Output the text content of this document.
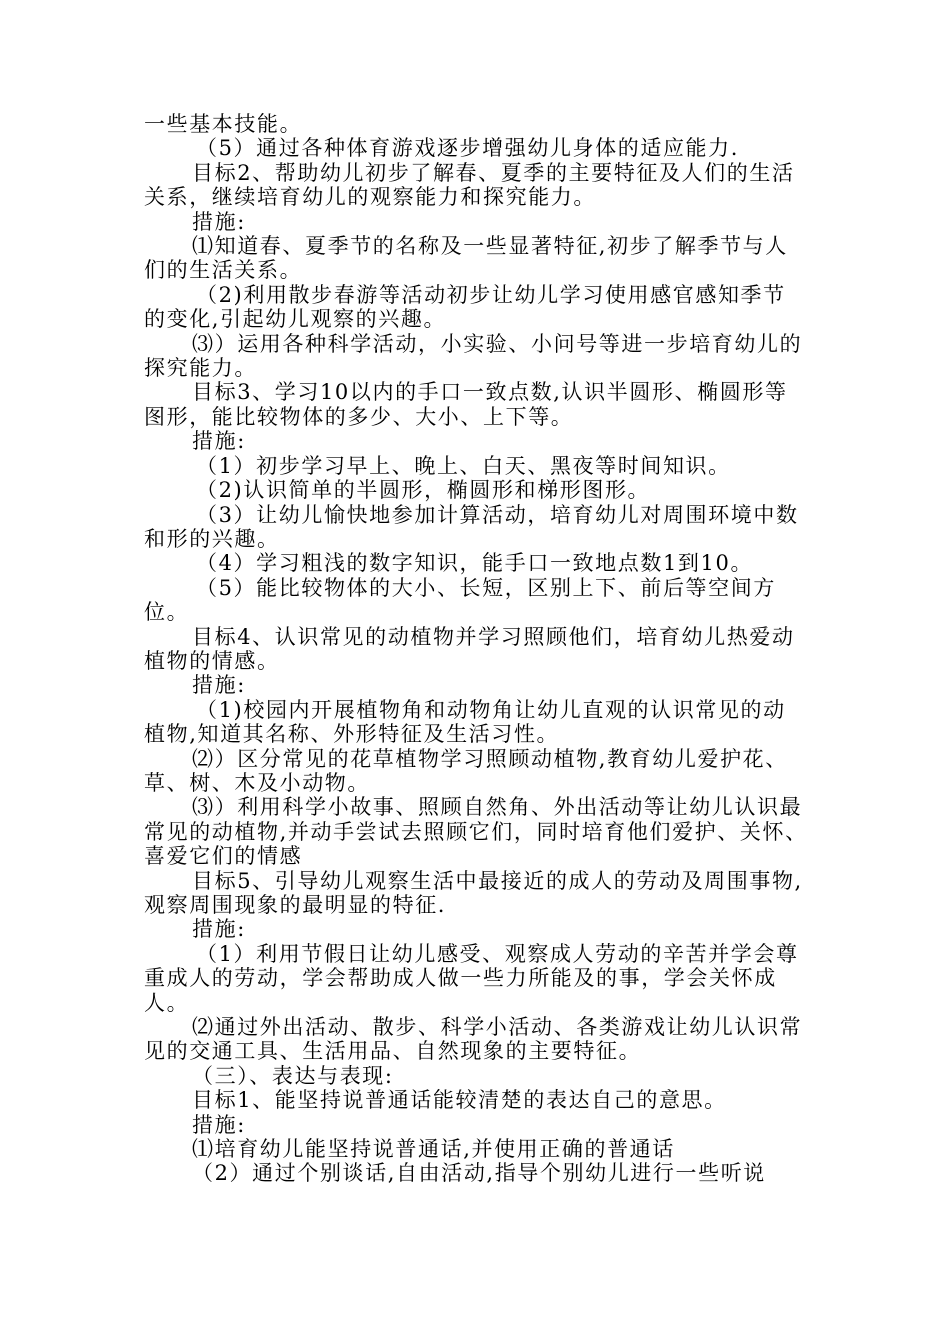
一些基本技能。

（5）通过各种体育游戏逐步增强幼儿身体的适应能力.

目标2、帮助幼儿初步了解春、夏季的主要特征及人们的生活关系，继续培育幼儿的观察能力和探究能力。

措施:

⑴知道春、夏季节的名称及一些显著特征,初步了解季节与人们的生活关系。

（2)利用散步春游等活动初步让幼儿学习使用感官感知季节的变化,引起幼儿观察的兴趣。

⑶）运用各种科学活动，小实验、小问号等进一步培育幼儿的探究能力。

目标3、学习10以内的手口一致点数,认识半圆形、椭圆形等图形，能比较物体的多少、大小、上下等。

措施:

（1）初步学习早上、晚上、白天、黑夜等时间知识。

（2)认识简单的半圆形，椭圆形和梯形图形。

（3）让幼儿愉快地参加计算活动，培育幼儿对周围环境中数和形的兴趣。

（4）学习粗浅的数字知识，能手口一致地点数1到10。

（5）能比较物体的大小、长短，区别上下、前后等空间方位。

目标4、认识常见的动植物并学习照顾他们，培育幼儿热爱动植物的情感。

措施:

（1)校园内开展植物角和动物角让幼儿直观的认识常见的动植物,知道其名称、外形特征及生活习性。

⑵）区分常见的花草植物学习照顾动植物,教育幼儿爱护花、草、树、木及小动物。

⑶）利用科学小故事、照顾自然角、外出活动等让幼儿认识最常见的动植物,并动手尝试去照顾它们，同时培育他们爱护、关怀、喜爱它们的情感

目标5、引导幼儿观察生活中最接近的成人的劳动及周围事物,观察周围现象的最明显的特征.

措施:

（1）利用节假日让幼儿感受、观察成人劳动的辛苦并学会尊重成人的劳动，学会帮助成人做一些力所能及的事，学会关怀成人。

⑵通过外出活动、散步、科学小活动、各类游戏让幼儿认识常见的交通工具、生活用品、自然现象的主要特征。

（三）、表达与表现:

目标1、能坚持说普通话能较清楚的表达自己的意思。

措施:

⑴培育幼儿能坚持说普通话,并使用正确的普通话

（2）通过个别谈话,自由活动,指导个别幼儿进行一些听说
